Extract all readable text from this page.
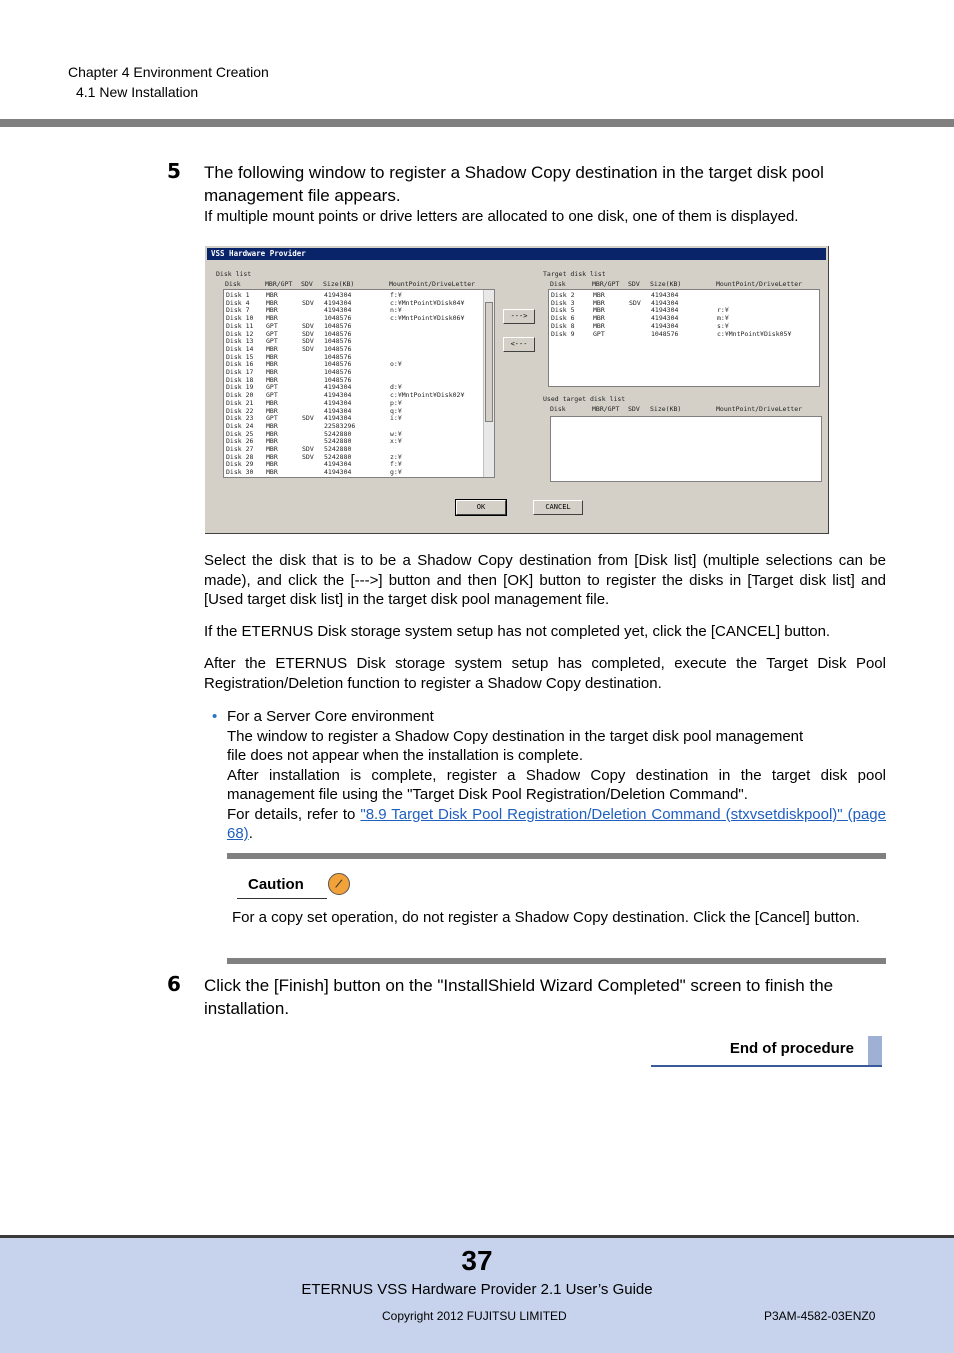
Chapter 4 Environment Creation
4.1 New Installation
5 The following window to register a Shadow Copy destination in the target disk pool
management file appears.
If multiple mount points or drive letters are allocated to one disk, one of them is displayed.
VSS Hardware Provider
Disk list	Target disk list
Used target disk list
Disk	MBR/GPT SDV Size(KB)	MountPoint/DriveLetter	Disk	MBR/GPT SDV Size(KB)	MountPoint/DriveLetter
Disk	MBR/GPT SDV Size(KB)	MountPoint/DriveLetter
Disk 1	MBR	4194304	f:¥
Disk 4	MBR	SDV 4194304	c:¥MntPoint¥Disk04¥
Disk 7	MBR	4194304	n:¥
Disk 10 MBR	1048576	c:¥MntPoint¥Disk06¥
Disk 11 GPT	SDV 1048576
Disk 12 GPT	SDV 1048576
Disk 13 GPT	SDV 1048576
Disk 14 MBR	SDV 1048576
Disk 15 MBR	1048576
Disk 16 MBR	1048576	o:¥
Disk 17 MBR	1048576
Disk 18 MBR	1048576
Disk 19 GPT	4194304	d:¥
Disk 20 GPT	4194304	c:¥MntPoint¥Disk02¥
Disk 21 MBR	4194304	p:¥
Disk 22 MBR	4194304	q:¥
Disk 23 GPT	SDV 4194304	i:¥
Disk 24 MBR	22583296
Disk 25 MBR	5242880	w:¥
Disk 26 MBR	5242880	x:¥
Disk 27 MBR	SDV 5242880
Disk 28 MBR	SDV 5242880	z:¥
Disk 29 MBR	4194304	f:¥
Disk 30 MBR	4194304	g:¥
Disk 2	MBR	4194304
Disk 3	MBR	SDV 4194304
Disk 5	MBR	4194304	r:¥
Disk 6	MBR	4194304	m:¥
Disk 8	MBR	4194304	s:¥
Disk 9	GPT	1048576	c:¥MntPoint¥Disk05¥
--->
<---
OK	CANCEL
Select the disk that is to be a Shadow Copy destination from [Disk list] (multiple selections can be made), and click the [--->] button and then [OK] button to register the disks in [Target disk list] and [Used target disk list] in the target disk pool management file.
If the ETERNUS Disk storage system setup has not completed yet, click the [CANCEL] button.
After the ETERNUS Disk storage system setup has completed, execute the Target Disk Pool Registration/Deletion function to register a Shadow Copy destination.
• For a Server Core environment
The window to register a Shadow Copy destination in the target disk pool management
file does not appear when the installation is complete.
After installation is complete, register a Shadow Copy destination in the target disk pool management file using the "Target Disk Pool Registration/Deletion Command".
For details, refer to "8.9 Target Disk Pool Registration/Deletion Command (stxvsetdiskpool)" (page 68).
Caution
For a copy set operation, do not register a Shadow Copy destination. Click the [Cancel] button.
6 Click the [Finish] button on the "InstallShield Wizard Completed" screen to finish the
installation.
End of procedure
37
ETERNUS VSS Hardware Provider 2.1 User’s Guide
Copyright 2012 FUJITSU LIMITED	P3AM-4582-03ENZ0
